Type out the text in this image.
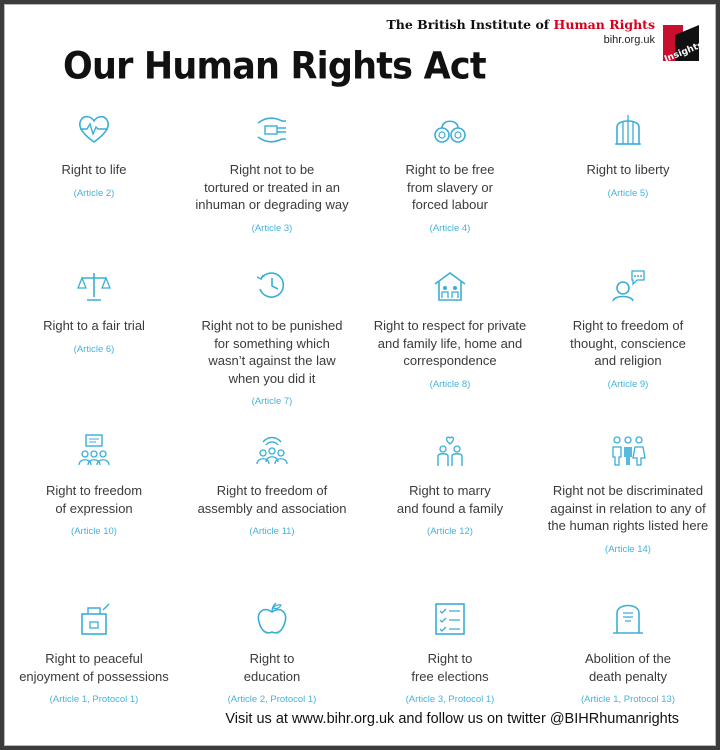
The British Institute of Human Rights
bihr.org.uk
Insights
Our Human Rights Act
Right to life
(Article 2)
Right not to be
tortured or treated in an
inhuman or degrading way
(Article 3)
Right to be free
from slavery or
forced labour
(Article 4)
Right to liberty
(Article 5)
Right to a fair trial
(Article 6)
Right not to be punished
for something which
wasn’t against the law
when you did it
(Article 7)
Right to respect for private
and family life, home and
correspondence
(Article 8)
Right to freedom of
thought, conscience
and religion
(Article 9)
Right to freedom
of expression
(Article 10)
Right to freedom of
assembly and association
(Article 11)
Right to marry
and found a family
(Article 12)
Right not be discriminated
against in relation to any of
the human rights listed here
(Article 14)
Right to peaceful
enjoyment of possessions
(Article 1, Protocol 1)
Right to
education
(Article 2, Protocol 1)
Right to
free elections
(Article 3, Protocol 1)
Abolition of the
death penalty
(Article 1, Protocol 13)
Visit us at www.bihr.org.uk and follow us on twitter @BIHRhumanrights
